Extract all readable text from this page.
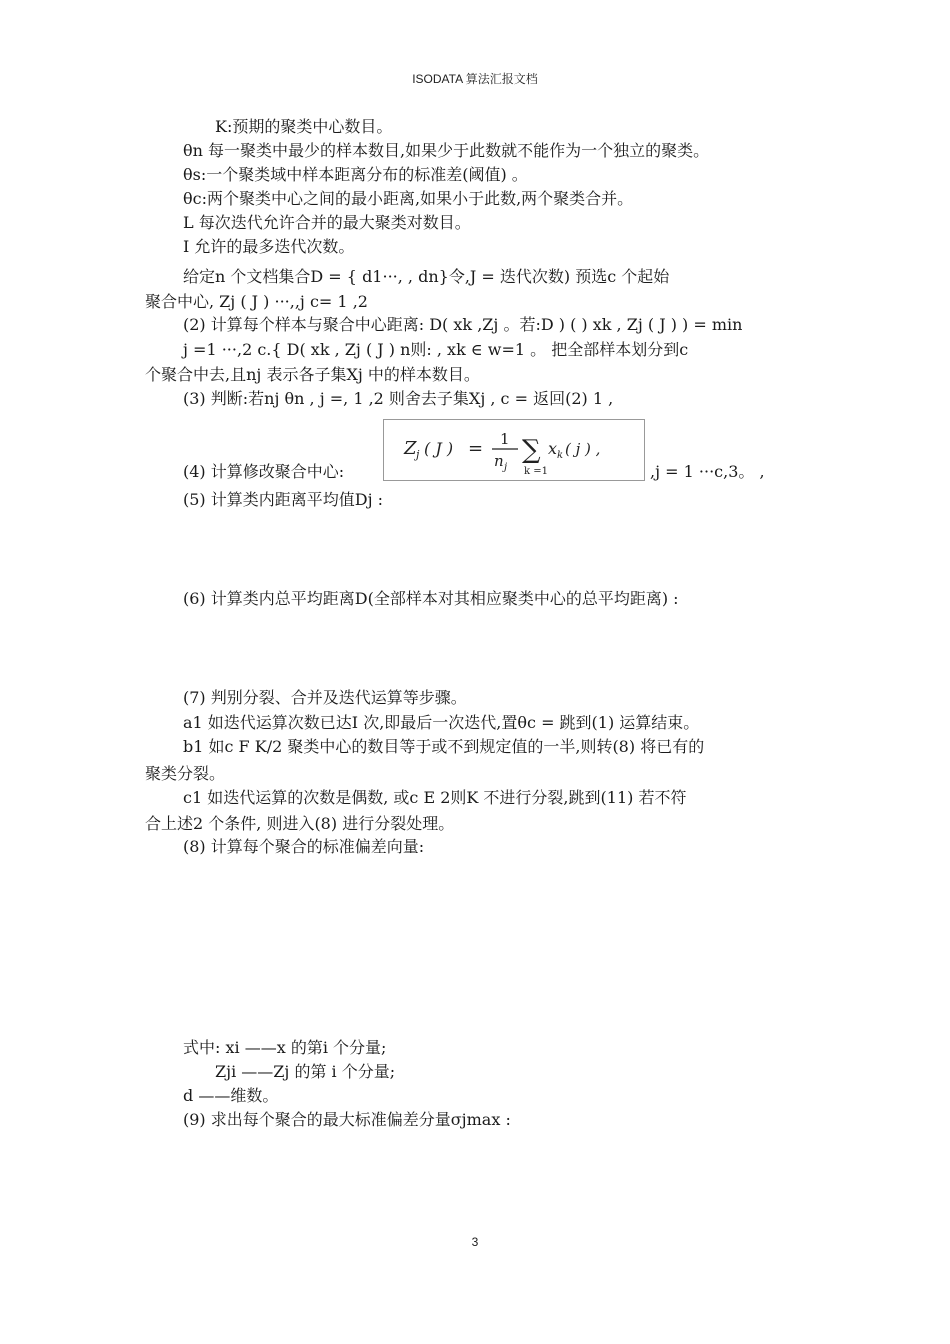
ISODATA 算法汇报文档
K:预期的聚类中心数目。
θn 每一聚类中最少的样本数目,如果少于此数就不能作为一个独立的聚类。
θs:一个聚类域中样本距离分布的标准差(阈值) 。
θc:两个聚类中心之间的最小距离,如果小于此数,两个聚类合并。
L 每次迭代允许合并的最大聚类对数目。
I 允许的最多迭代次数。
给定n 个文档集合D = { d1···, , dn}令,J = 迭代次数) 预选c 个起始
聚合中心, Zj ( J ) ···,,j c= 1 ,2
(2) 计算每个样本与聚合中心距离: D( xk ,Zj 。若:D ) ( ) xk , Zj ( J ) ) = min
j =1 ···,2 c.{ D( xk , Zj ( J ) n则: , xk ∈ w=1 。 把全部样本划分到c
个聚合中去,且nj 表示各子集Xj 中的样本数目。
(3) 判断:若nj θn , j =, 1 ,2 则舍去子集Xj , c = 返回(2) 1 ,
Z j ( J ) = 1
n j
∑
k =1
x k ( j ) ,
(4) 计算修改聚合中心:	,j = 1 ···c,3。 ,
(5) 计算类内距离平均值Dj :
(6) 计算类内总平均距离D(全部样本对其相应聚类中心的总平均距离) :
(7) 判别分裂、合并及迭代运算等步骤。
a1 如迭代运算次数已达I 次,即最后一次迭代,置θc = 跳到(1) 运算结束。
b1 如c F K/2 聚类中心的数目等于或不到规定值的一半,则转(8) 将已有的
聚类分裂。
c1 如迭代运算的次数是偶数, 或c E 2则K 不进行分裂,跳到(11) 若不符
合上述2 个条件, 则进入(8) 进行分裂处理。
(8) 计算每个聚合的标准偏差向量:
式中: xi ——x 的第i 个分量;
Zji ——Zj 的第 i 个分量;
d ——维数。
(9) 求出每个聚合的最大标准偏差分量σjmax :
3
